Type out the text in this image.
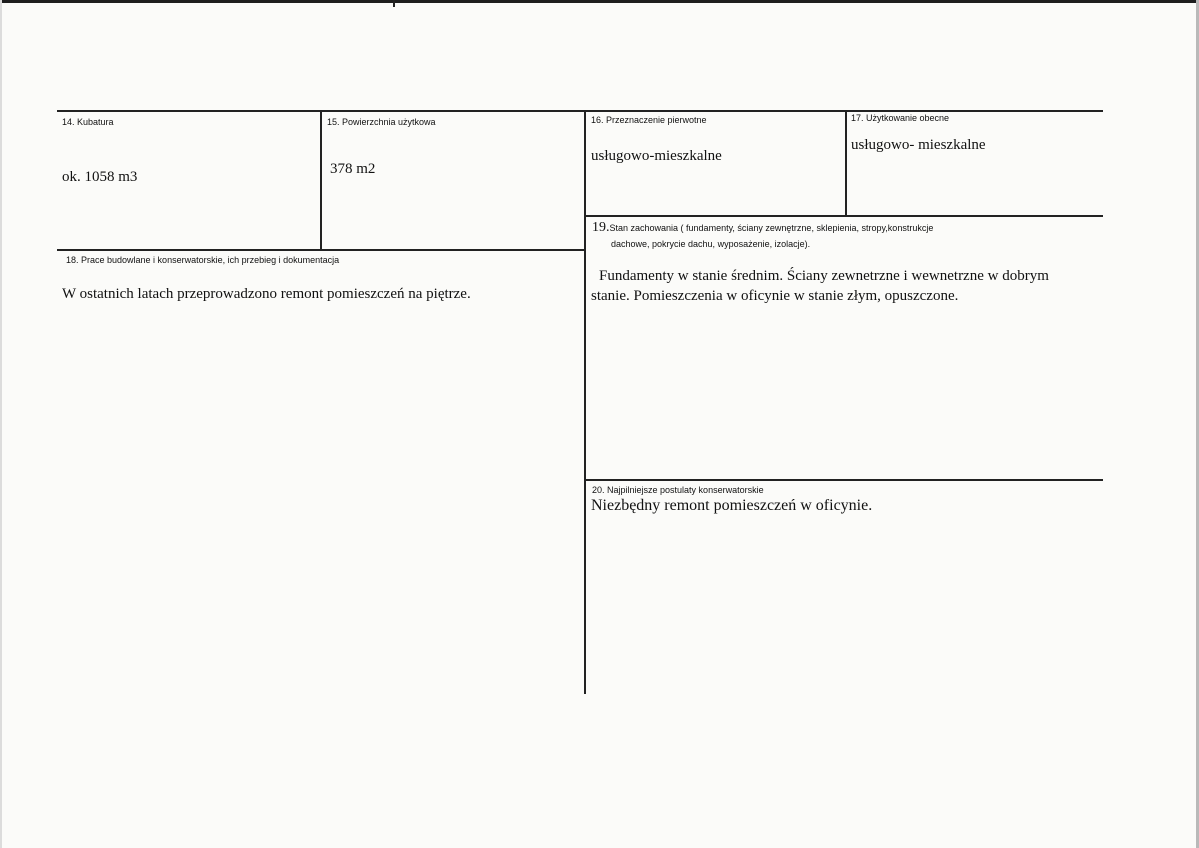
14. Kubatura
ok. 1058 m3
15. Powierzchnia użytkowa
378 m2
16. Przeznaczenie pierwotne
usługowo-mieszkalne
17. Użytkowanie obecne
usługowo- mieszkalne
19.Stan zachowania ( fundamenty, ściany zewnętrzne, sklepienia, stropy,konstrukcje
dachowe, pokrycie dachu, wyposażenie, izolacje).
Fundamenty w stanie średnim. Ściany zewnetrzne i wewnetrzne w dobrym
stanie. Pomieszczenia w oficynie w stanie złym, opuszczone.
18. Prace budowlane i konserwatorskie, ich przebieg i dokumentacja
W ostatnich latach przeprowadzono remont pomieszczeń na piętrze.
20. Najpilniejsze postulaty konserwatorskie
Niezbędny remont pomieszczeń w oficynie.
